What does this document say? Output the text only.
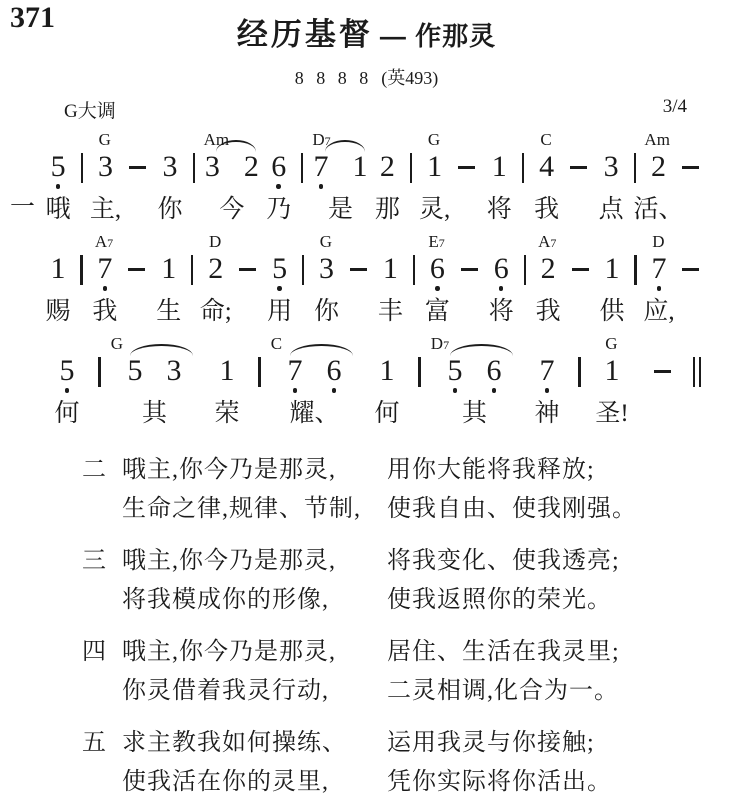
371	经历基督 — 作那灵
8 8 8 8 (英493)
G大调	3/4
一
5
哦
G
3
主,
3
你
Am
3 2
今
6
乃
D7
7 1
是
2
那
G
1
灵,
1
将
C
4
我
3
点
Am
2
活、
1
赐
A7
7
我
1
生
D
2
命;
5
用
G
3
你
1
丰
E7
6
富
6
将
A7
2
我
1
供
D
7
应,
5
何
G
5 3
其
1
荣
C
7 6
耀、
1
何
D7
5 6
其
7
神
G
1
圣!
二 哦主,你今乃是那灵,	用你大能将我释放;
生命之律,规律、节制,	使我自由、使我刚强。
三 哦主,你今乃是那灵,	将我变化、使我透亮;
将我模成你的形像,	使我返照你的荣光。
四 哦主,你今乃是那灵,	居住、生活在我灵里;
你灵借着我灵行动,	二灵相调,化合为一。
五 求主教我如何操练、	运用我灵与你接触;
使我活在你的灵里,	凭你实际将你活出。
